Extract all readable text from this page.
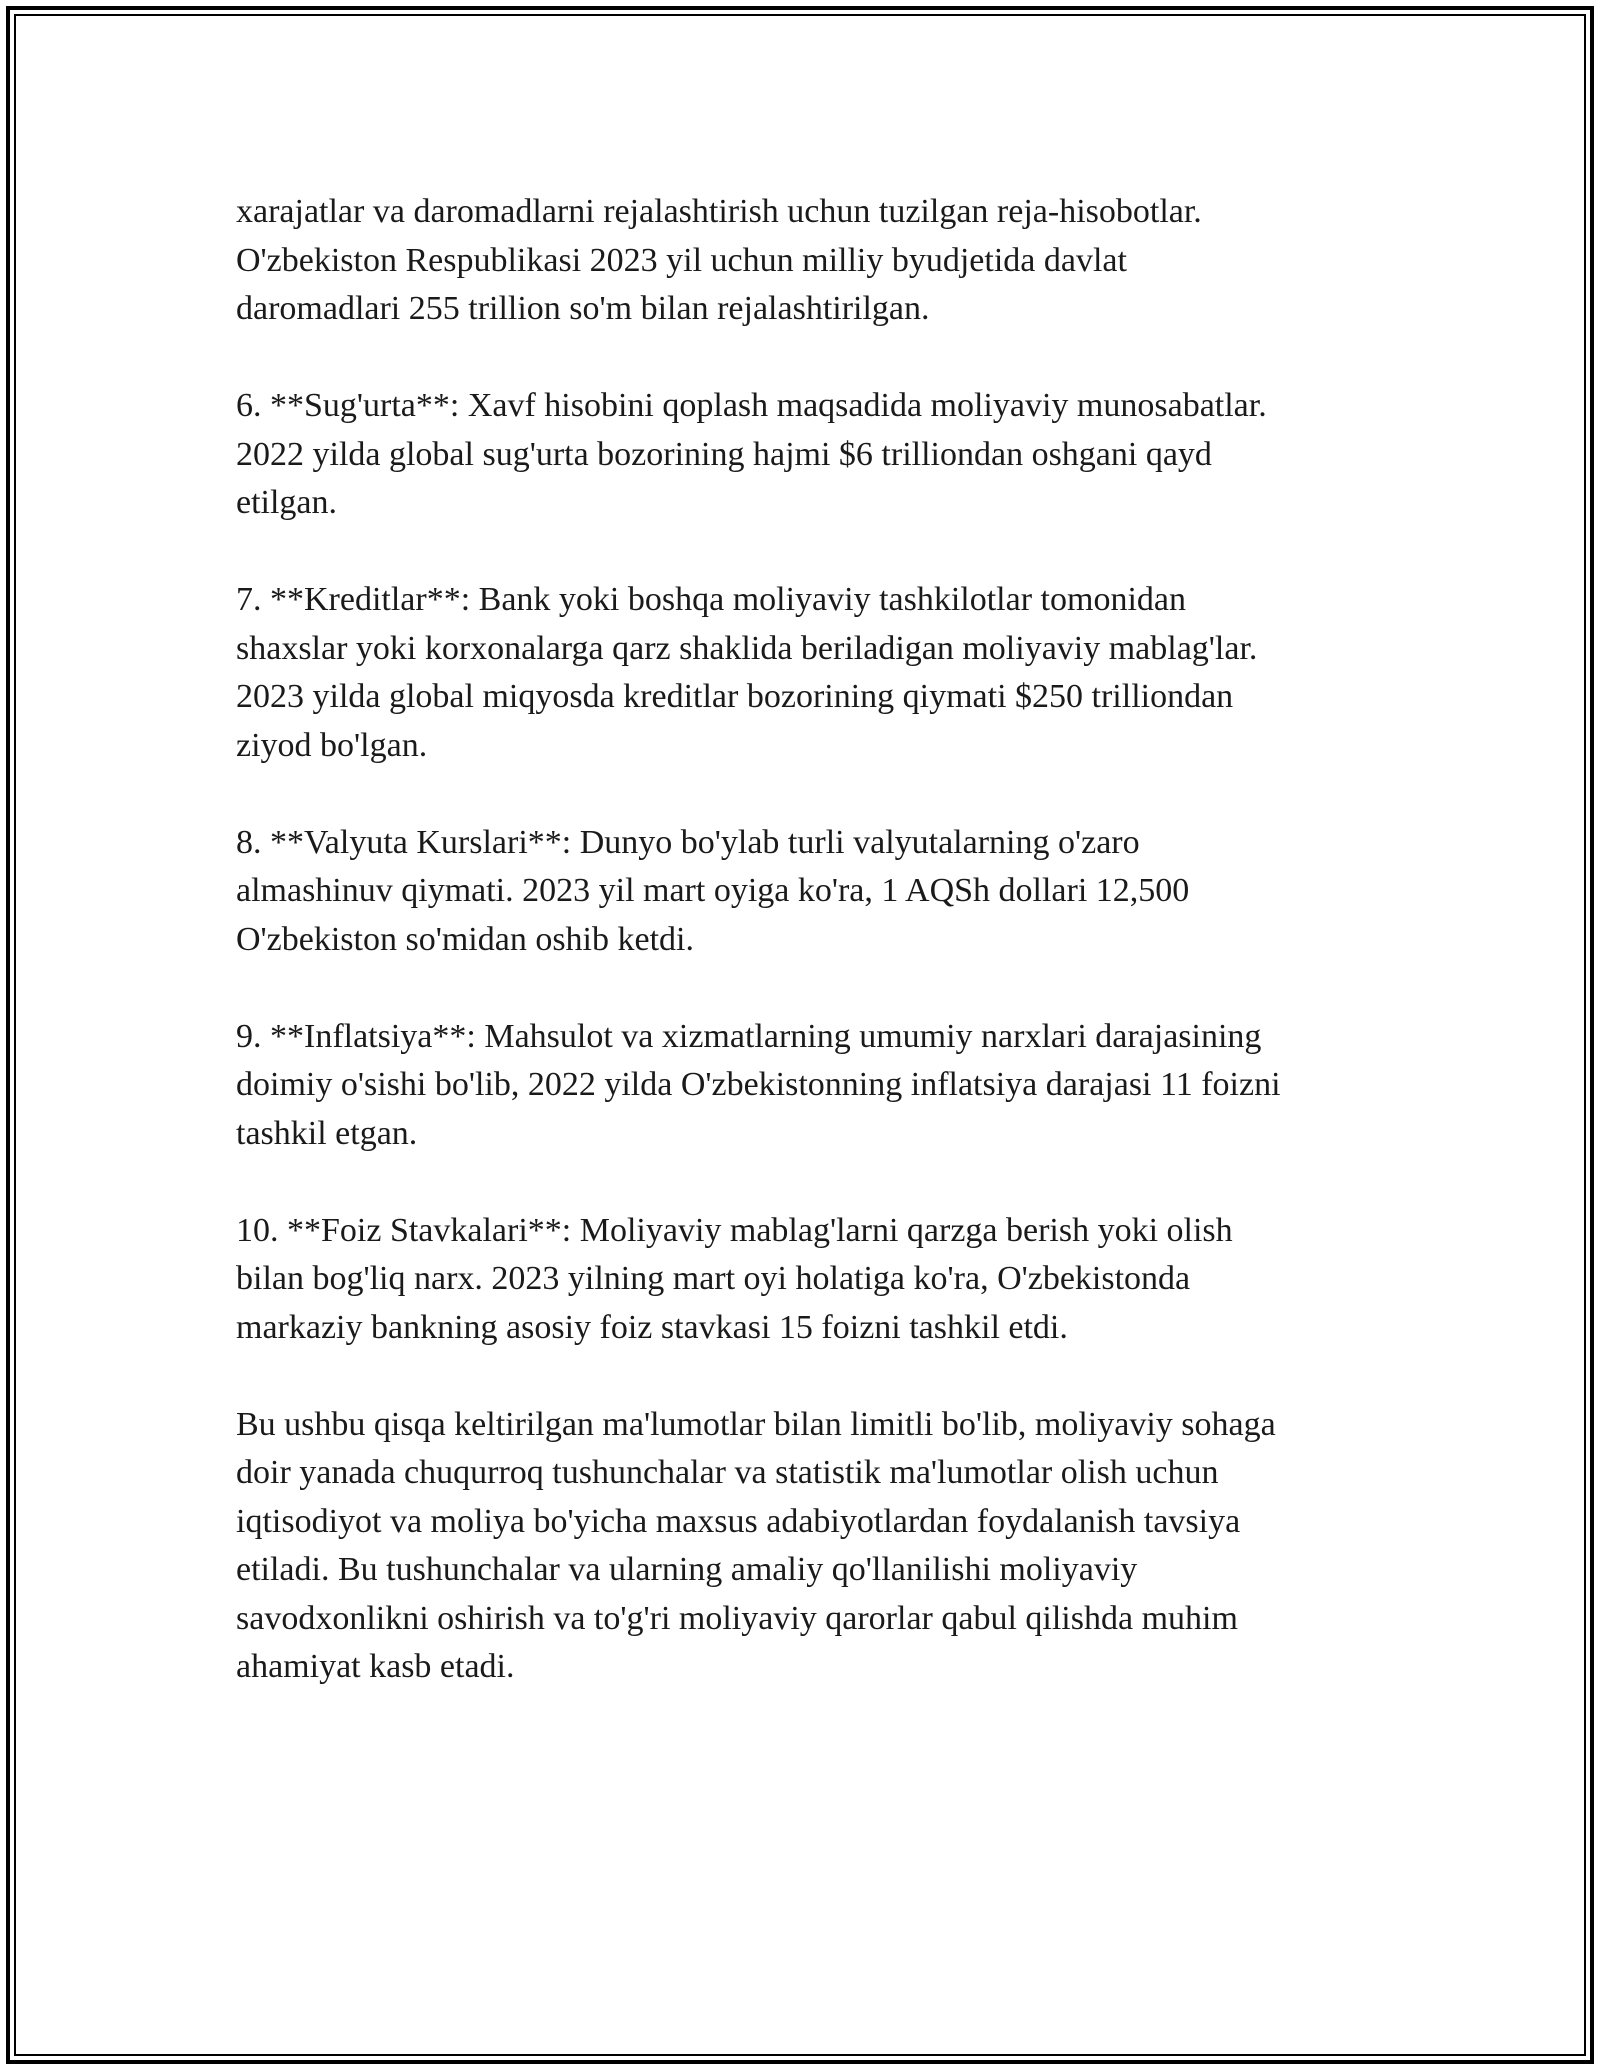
xarajatlar va daromadlarni rejalashtirish uchun tuzilgan reja-hisobotlar.
O'zbekiston Respublikasi 2023 yil uchun milliy byudjetida davlat
daromadlari 255 trillion so'm bilan rejalashtirilgan.

6. **Sug'urta**: Xavf hisobini qoplash maqsadida moliyaviy munosabatlar.
2022 yilda global sug'urta bozorining hajmi $6 trilliondan oshgani qayd
etilgan.

7. **Kreditlar**: Bank yoki boshqa moliyaviy tashkilotlar tomonidan
shaxslar yoki korxonalarga qarz shaklida beriladigan moliyaviy mablag'lar.
2023 yilda global miqyosda kreditlar bozorining qiymati $250 trilliondan
ziyod bo'lgan.

8. **Valyuta Kurslari**: Dunyo bo'ylab turli valyutalarning o'zaro
almashinuv qiymati. 2023 yil mart oyiga ko'ra, 1 AQSh dollari 12,500
O'zbekiston so'midan oshib ketdi.

9. **Inflatsiya**: Mahsulot va xizmatlarning umumiy narxlari darajasining
doimiy o'sishi bo'lib, 2022 yilda O'zbekistonning inflatsiya darajasi 11 foizni
tashkil etgan.

10. **Foiz Stavkalari**: Moliyaviy mablag'larni qarzga berish yoki olish
bilan bog'liq narx. 2023 yilning mart oyi holatiga ko'ra, O'zbekistonda
markaziy bankning asosiy foiz stavkasi 15 foizni tashkil etdi.

Bu ushbu qisqa keltirilgan ma'lumotlar bilan limitli bo'lib, moliyaviy sohaga
doir yanada chuqurroq tushunchalar va statistik ma'lumotlar olish uchun
iqtisodiyot va moliya bo'yicha maxsus adabiyotlardan foydalanish tavsiya
etiladi. Bu tushunchalar va ularning amaliy qo'llanilishi moliyaviy
savodxonlikni oshirish va to'g'ri moliyaviy qarorlar qabul qilishda muhim
ahamiyat kasb etadi.
